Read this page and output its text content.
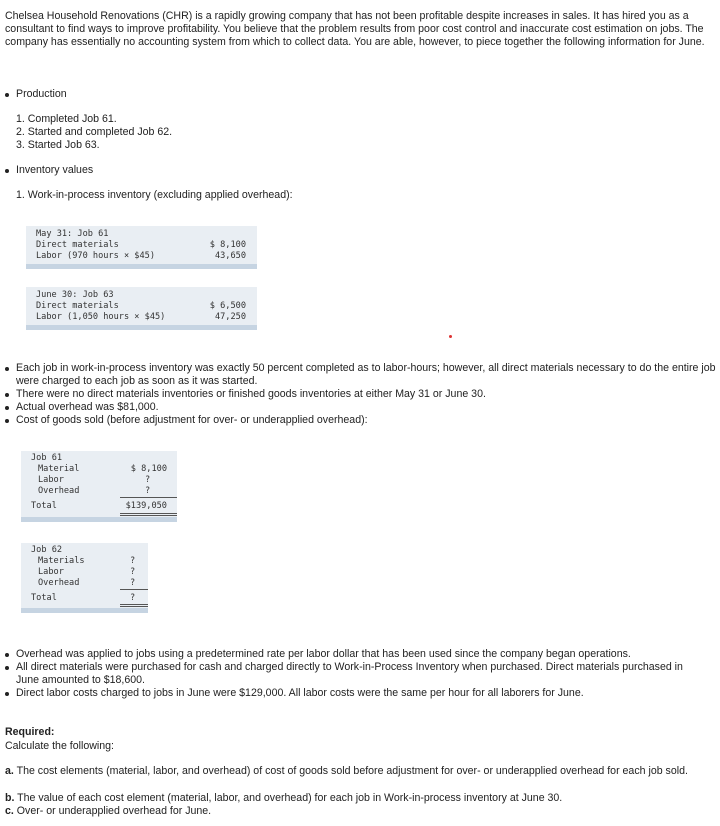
Chelsea Household Renovations (CHR) is a rapidly growing company that has not been profitable despite increases in sales. It has hired you as a consultant to find ways to improve profitability. You believe that the problem results from poor cost control and inaccurate cost estimation on jobs. The company has essentially no accounting system from which to collect data. You are able, however, to piece together the following information for June.
Production
1. Completed Job 61.
2. Started and completed Job 62.
3. Started Job 63.
Inventory values
1. Work-in-process inventory (excluding applied overhead):
May 31: Job 61
Direct materials	$ 8,100
Labor (970 hours × $45)	43,650
June 30: Job 63
Direct materials	$ 6,500
Labor (1,050 hours × $45)	47,250
Each job in work-in-process inventory was exactly 50 percent completed as to labor-hours; however, all direct materials necessary to do the entire job were charged to each job as soon as it was started.
There were no direct materials inventories or finished goods inventories at either May 31 or June 30.
Actual overhead was $81,000.
Cost of goods sold (before adjustment for over- or underapplied overhead):
Job 61
Material	$ 8,100
Labor	?
Overhead	?
Total	$139,050
Job 62
Materials	?
Labor	?
Overhead	?
Total	?
Overhead was applied to jobs using a predetermined rate per labor dollar that has been used since the company began operations.
All direct materials were purchased for cash and charged directly to Work-in-Process Inventory when purchased. Direct materials purchased in June amounted to $18,600.
Direct labor costs charged to jobs in June were $129,000. All labor costs were the same per hour for all laborers for June.
Required:
Calculate the following:
a. The cost elements (material, labor, and overhead) of cost of goods sold before adjustment for over- or underapplied overhead for each job sold.
b. The value of each cost element (material, labor, and overhead) for each job in Work-in-process inventory at June 30.
c. Over- or underapplied overhead for June.
